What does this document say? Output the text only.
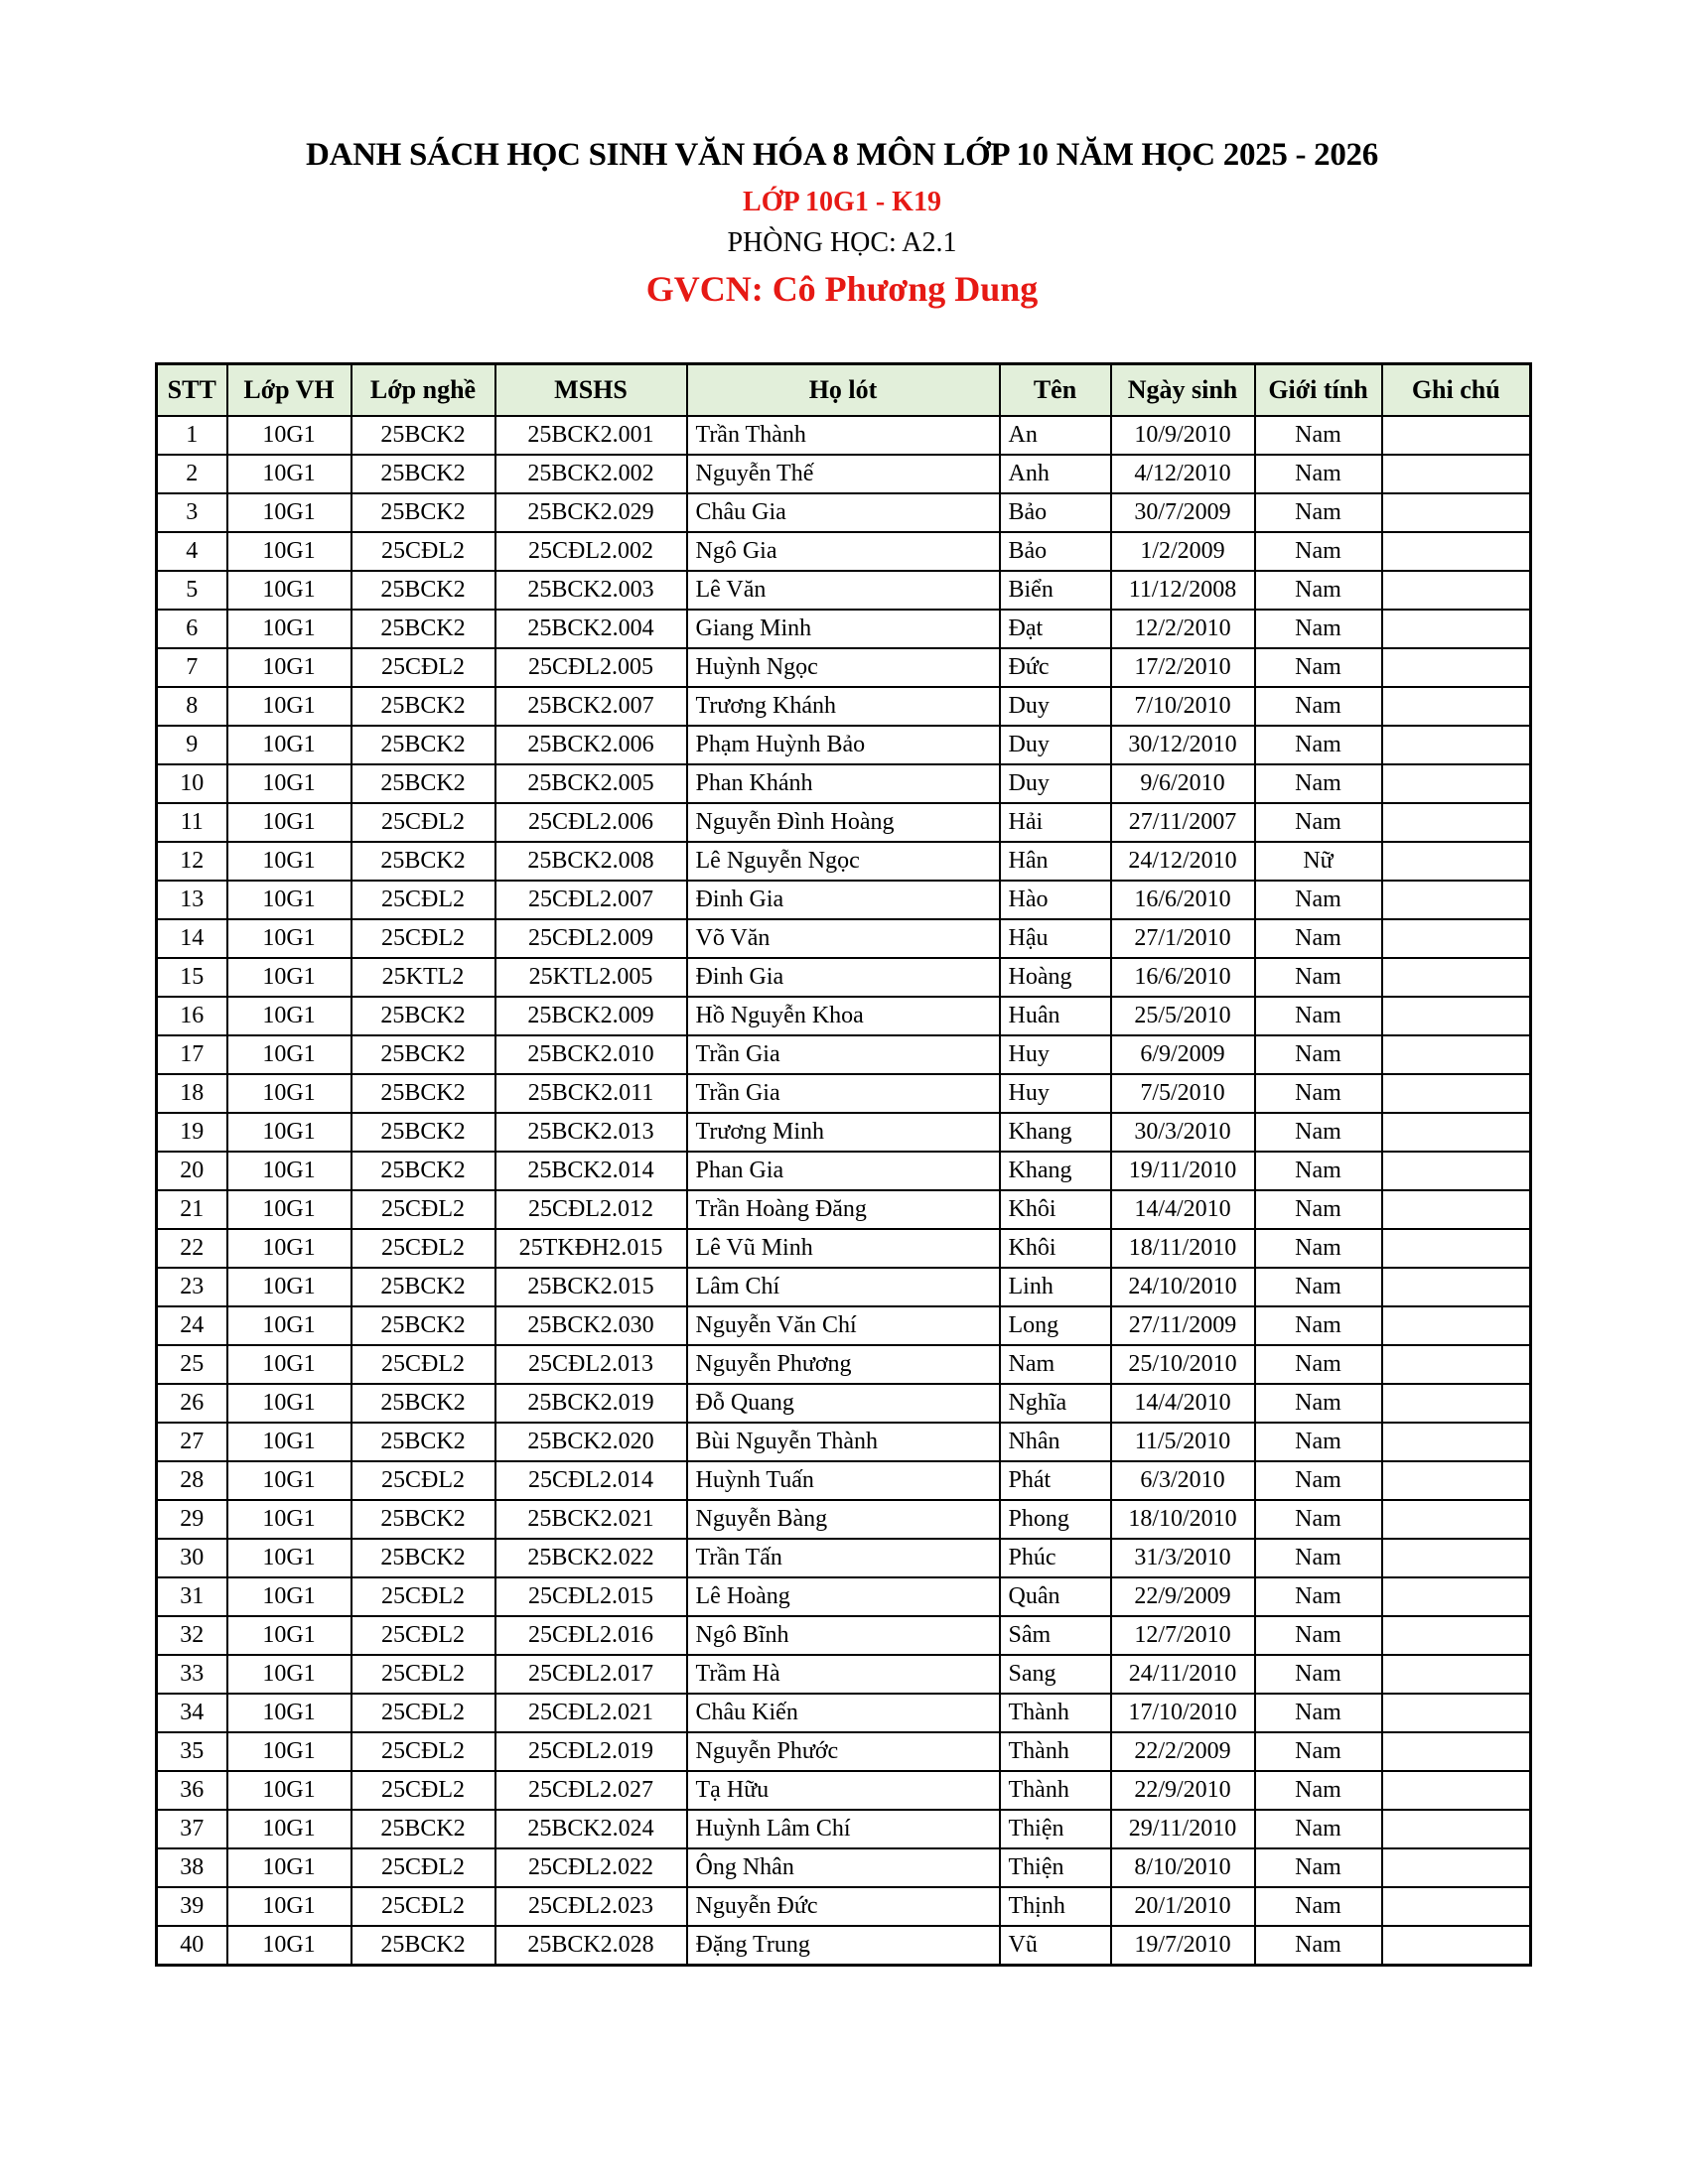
DANH SÁCH HỌC SINH VĂN HÓA 8 MÔN LỚP 10 NĂM HỌC 2025 - 2026
LỚP 10G1 - K19
PHÒNG HỌC: A2.1
GVCN: Cô Phương Dung
STT	Lớp VH	Lớp nghề	MSHS	Họ lót	Tên	Ngày sinh	Giới tính	Ghi chú
1	10G1	25BCK2	25BCK2.001	Trần Thành	An	10/9/2010	Nam	
2	10G1	25BCK2	25BCK2.002	Nguyễn Thế	Anh	4/12/2010	Nam	
3	10G1	25BCK2	25BCK2.029	Châu Gia	Bảo	30/7/2009	Nam	
4	10G1	25CĐL2	25CĐL2.002	Ngô Gia	Bảo	1/2/2009	Nam	
5	10G1	25BCK2	25BCK2.003	Lê Văn	Biển	11/12/2008	Nam	
6	10G1	25BCK2	25BCK2.004	Giang Minh	Đạt	12/2/2010	Nam	
7	10G1	25CĐL2	25CĐL2.005	Huỳnh Ngọc	Đức	17/2/2010	Nam	
8	10G1	25BCK2	25BCK2.007	Trương Khánh	Duy	7/10/2010	Nam	
9	10G1	25BCK2	25BCK2.006	Phạm Huỳnh Bảo	Duy	30/12/2010	Nam	
10	10G1	25BCK2	25BCK2.005	Phan Khánh	Duy	9/6/2010	Nam	
11	10G1	25CĐL2	25CĐL2.006	Nguyễn Đình Hoàng	Hải	27/11/2007	Nam	
12	10G1	25BCK2	25BCK2.008	Lê Nguyễn Ngọc	Hân	24/12/2010	Nữ	
13	10G1	25CĐL2	25CĐL2.007	Đinh Gia	Hào	16/6/2010	Nam	
14	10G1	25CĐL2	25CĐL2.009	Võ Văn	Hậu	27/1/2010	Nam	
15	10G1	25KTL2	25KTL2.005	Đinh Gia	Hoàng	16/6/2010	Nam	
16	10G1	25BCK2	25BCK2.009	Hồ Nguyễn Khoa	Huân	25/5/2010	Nam	
17	10G1	25BCK2	25BCK2.010	Trần Gia	Huy	6/9/2009	Nam	
18	10G1	25BCK2	25BCK2.011	Trần Gia	Huy	7/5/2010	Nam	
19	10G1	25BCK2	25BCK2.013	Trương Minh	Khang	30/3/2010	Nam	
20	10G1	25BCK2	25BCK2.014	Phan Gia	Khang	19/11/2010	Nam	
21	10G1	25CĐL2	25CĐL2.012	Trần Hoàng Đăng	Khôi	14/4/2010	Nam	
22	10G1	25CĐL2	25TKĐH2.015	Lê Vũ Minh	Khôi	18/11/2010	Nam	
23	10G1	25BCK2	25BCK2.015	Lâm Chí	Linh	24/10/2010	Nam	
24	10G1	25BCK2	25BCK2.030	Nguyễn Văn Chí	Long	27/11/2009	Nam	
25	10G1	25CĐL2	25CĐL2.013	Nguyễn Phương	Nam	25/10/2010	Nam	
26	10G1	25BCK2	25BCK2.019	Đỗ Quang	Nghĩa	14/4/2010	Nam	
27	10G1	25BCK2	25BCK2.020	Bùi Nguyễn Thành	Nhân	11/5/2010	Nam	
28	10G1	25CĐL2	25CĐL2.014	Huỳnh Tuấn	Phát	6/3/2010	Nam	
29	10G1	25BCK2	25BCK2.021	Nguyễn Bàng	Phong	18/10/2010	Nam	
30	10G1	25BCK2	25BCK2.022	Trần Tấn	Phúc	31/3/2010	Nam	
31	10G1	25CĐL2	25CĐL2.015	Lê Hoàng	Quân	22/9/2009	Nam	
32	10G1	25CĐL2	25CĐL2.016	Ngô Bĩnh	Sâm	12/7/2010	Nam	
33	10G1	25CĐL2	25CĐL2.017	Trầm Hà	Sang	24/11/2010	Nam	
34	10G1	25CĐL2	25CĐL2.021	Châu Kiến	Thành	17/10/2010	Nam	
35	10G1	25CĐL2	25CĐL2.019	Nguyễn Phước	Thành	22/2/2009	Nam	
36	10G1	25CĐL2	25CĐL2.027	Tạ Hữu	Thành	22/9/2010	Nam	
37	10G1	25BCK2	25BCK2.024	Huỳnh Lâm Chí	Thiện	29/11/2010	Nam	
38	10G1	25CĐL2	25CĐL2.022	Ông Nhân	Thiện	8/10/2010	Nam	
39	10G1	25CĐL2	25CĐL2.023	Nguyễn Đức	Thịnh	20/1/2010	Nam	
40	10G1	25BCK2	25BCK2.028	Đặng Trung	Vũ	19/7/2010	Nam	
